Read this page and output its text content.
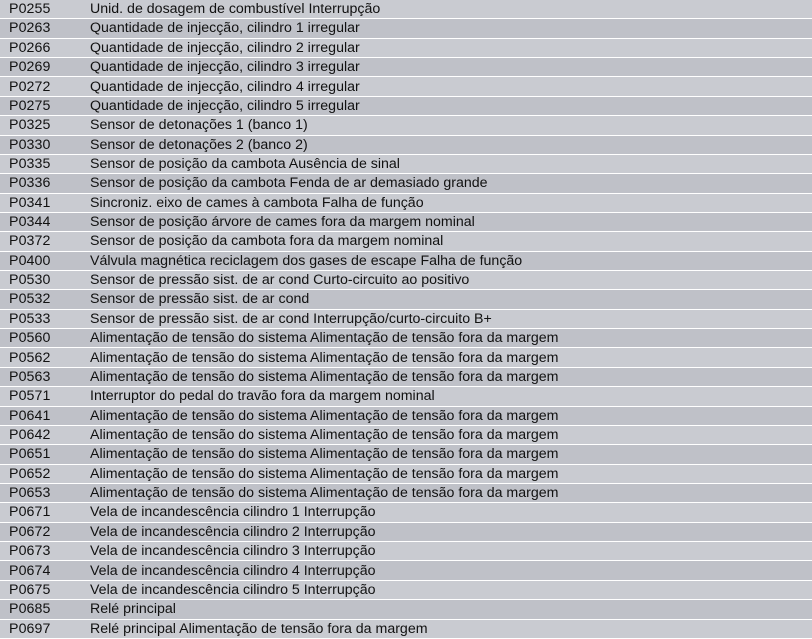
P0255	Unid. de dosagem de combustível Interrupção
P0263	Quantidade de injecção, cilindro 1 irregular
P0266	Quantidade de injecção, cilindro 2 irregular
P0269	Quantidade de injecção, cilindro 3 irregular
P0272	Quantidade de injecção, cilindro 4 irregular
P0275	Quantidade de injecção, cilindro 5 irregular
P0325	Sensor de detonações 1 (banco 1)
P0330	Sensor de detonações 2 (banco 2)
P0335	Sensor de posição da cambota Ausência de sinal
P0336	Sensor de posição da cambota Fenda de ar demasiado grande
P0341	Sincroniz. eixo de cames à cambota Falha de função
P0344	Sensor de posição árvore de cames fora da margem nominal
P0372	Sensor de posição da cambota fora da margem nominal
P0400	Válvula magnética reciclagem dos gases de escape Falha de função
P0530	Sensor de pressão sist. de ar cond Curto-circuito ao positivo
P0532	Sensor de pressão sist. de ar cond
P0533	Sensor de pressão sist. de ar cond Interrupção/curto-circuito B+
P0560	Alimentação de tensão do sistema Alimentação de tensão fora da margem
P0562	Alimentação de tensão do sistema Alimentação de tensão fora da margem
P0563	Alimentação de tensão do sistema Alimentação de tensão fora da margem
P0571	Interruptor do pedal do travão fora da margem nominal
P0641	Alimentação de tensão do sistema Alimentação de tensão fora da margem
P0642	Alimentação de tensão do sistema Alimentação de tensão fora da margem
P0651	Alimentação de tensão do sistema Alimentação de tensão fora da margem
P0652	Alimentação de tensão do sistema Alimentação de tensão fora da margem
P0653	Alimentação de tensão do sistema Alimentação de tensão fora da margem
P0671	Vela de incandescência cilindro 1 Interrupção
P0672	Vela de incandescência cilindro 2 Interrupção
P0673	Vela de incandescência cilindro 3 Interrupção
P0674	Vela de incandescência cilindro 4 Interrupção
P0675	Vela de incandescência cilindro 5 Interrupção
P0685	Relé principal
P0697	Relé principal Alimentação de tensão fora da margem
